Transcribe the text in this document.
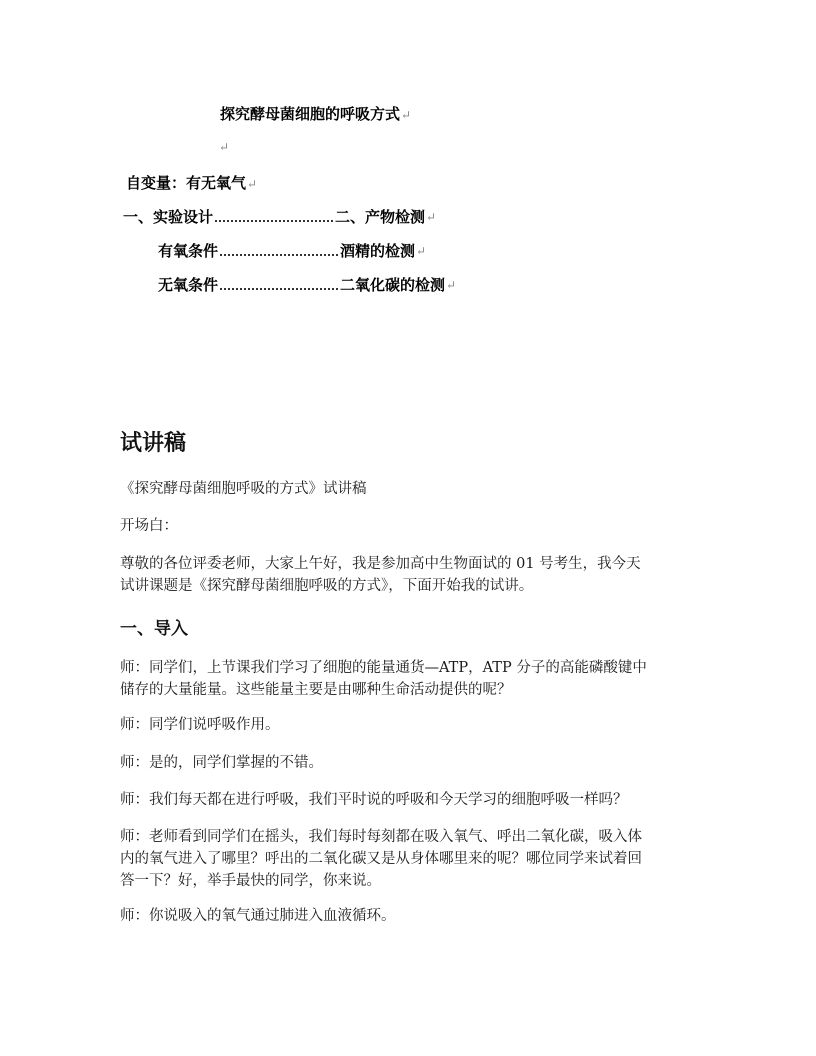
探究酵母菌细胞的呼吸方式↵
↵
自变量：有无氧气↵
一、实验设计	二、产物检测 ↵
有氧条件	酒精的检测 ↵
无氧条件	二氧化碳的检测 ↵
试讲稿
《探究酵母菌细胞呼吸的方式》试讲稿
开场白：
尊敬的各位评委老师，大家上午好，我是参加高中生物面试的 01 号考生，我今天
试讲课题是《探究酵母菌细胞呼吸的方式》，下面开始我的试讲。
一、导入
师：同学们，上节课我们学习了细胞的能量通货—ATP，ATP 分子的高能磷酸键中
储存的大量能量。这些能量主要是由哪种生命活动提供的呢？
师：同学们说呼吸作用。
师：是的，同学们掌握的不错。
师：我们每天都在进行呼吸，我们平时说的呼吸和今天学习的细胞呼吸一样吗？
师：老师看到同学们在摇头，我们每时每刻都在吸入氧气、呼出二氧化碳，吸入体
内的氧气进入了哪里？呼出的二氧化碳又是从身体哪里来的呢？哪位同学来试着回
答一下？好，举手最快的同学，你来说。
师：你说吸入的氧气通过肺进入血液循环。
